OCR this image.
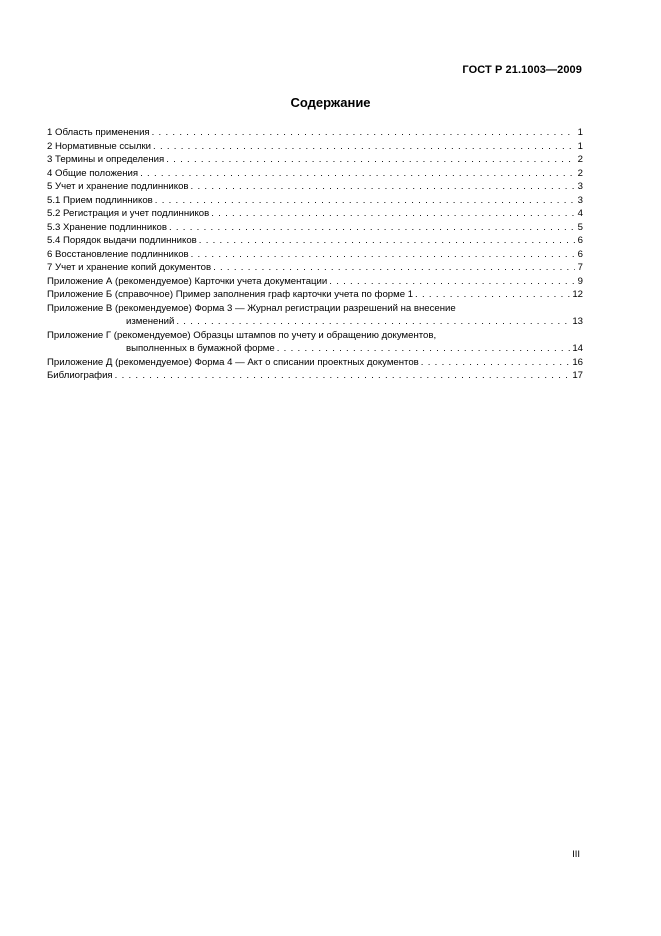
ГОСТ Р 21.1003—2009
Содержание
1 Область применения . . .	1
2 Нормативные ссылки . . .	1
3 Термины и определения . . .	2
4 Общие положения . . .	2
5 Учет и хранение подлинников . . .	3
5.1 Прием подлинников . . .	3
5.2 Регистрация и учет подлинников . . .	4
5.3 Хранение подлинников . . .	5
5.4 Порядок выдачи подлинников . . .	6
6 Восстановление подлинников . . .	6
7 Учет и хранение копий документов . . .	7
Приложение А (рекомендуемое) Карточки учета документации . . .	9
Приложение Б (справочное) Пример заполнения граф карточки учета по форме 1 . . .	12
Приложение В (рекомендуемое) Форма 3 — Журнал регистрации разрешений на внесение
изменений . . .	13
Приложение Г (рекомендуемое) Образцы штампов по учету и обращению документов,
выполненных в бумажной форме . . .	14
Приложение Д (рекомендуемое) Форма 4 — Акт о списании проектных документов . . .	16
Библиография . . .	17
III
